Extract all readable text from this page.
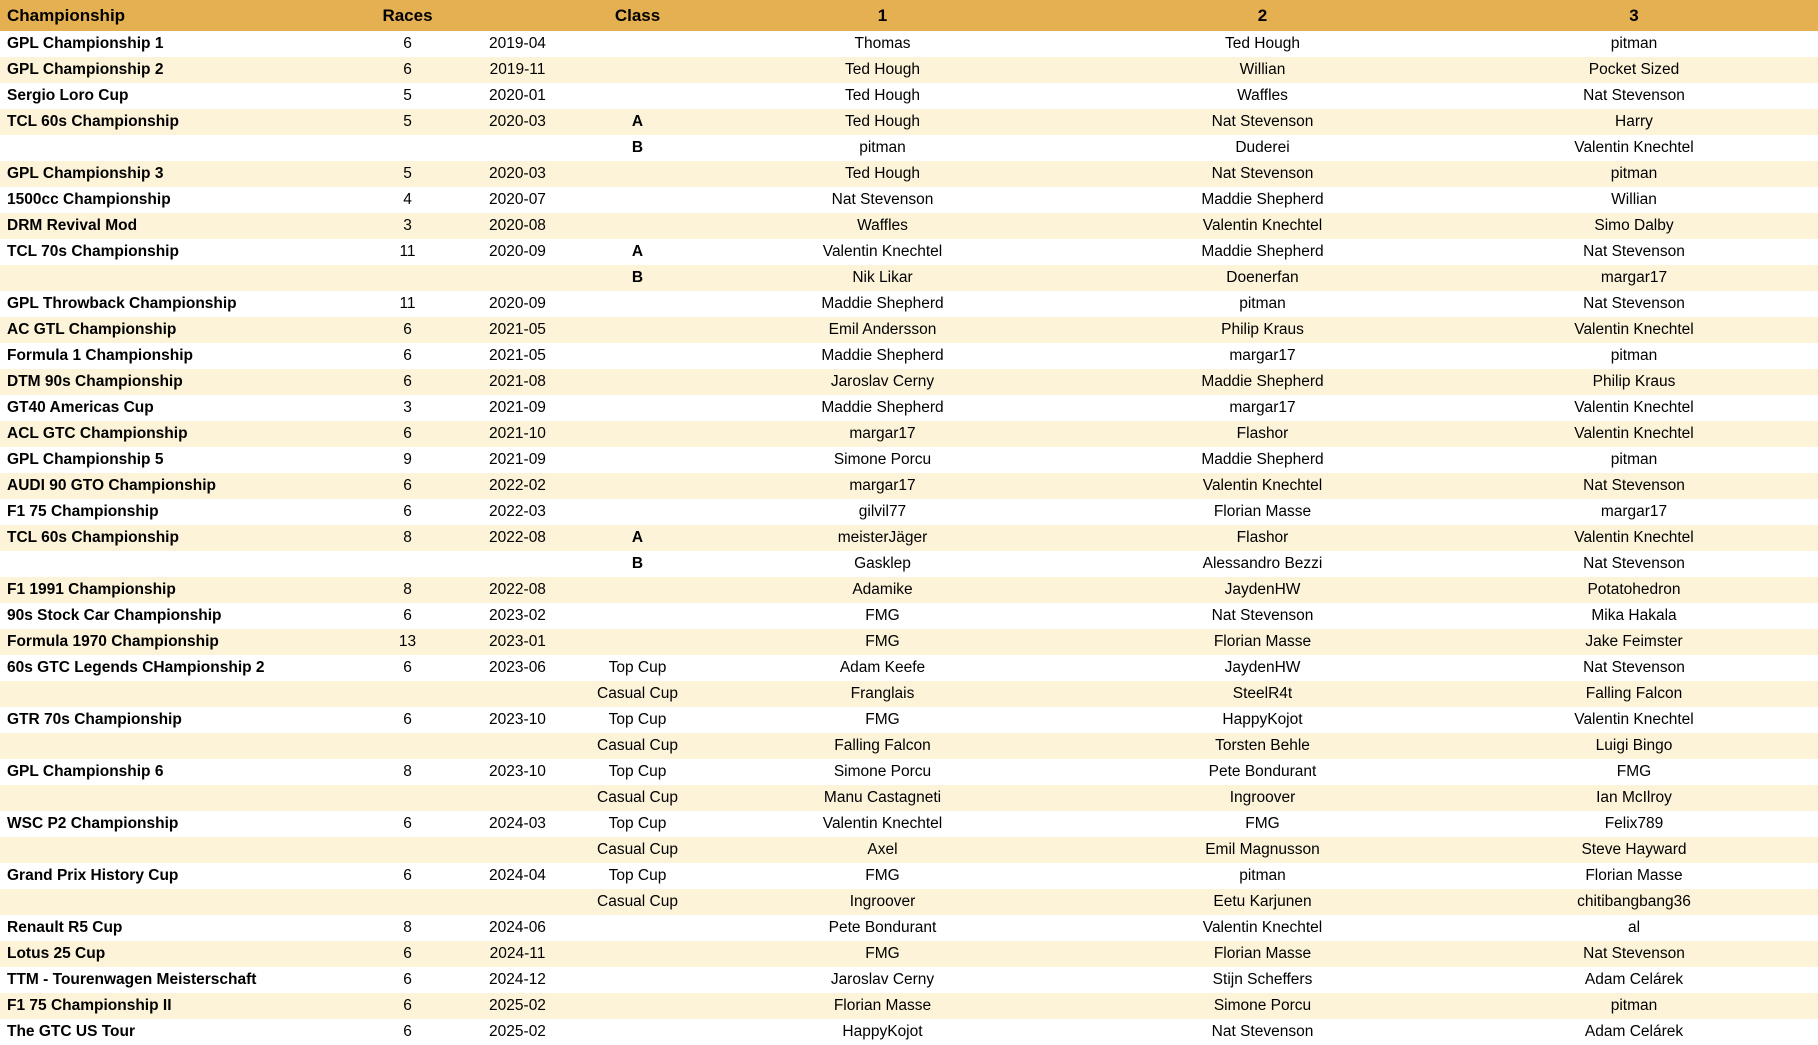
Championship	Races		Class	1	2	3
GPL Championship 1	6	2019-04		Thomas	Ted Hough	pitman
GPL Championship 2	6	2019-11		Ted Hough	Willian	Pocket Sized
Sergio Loro Cup	5	2020-01		Ted Hough	Waffles	Nat Stevenson
TCL 60s Championship	5	2020-03	A	Ted Hough	Nat Stevenson	Harry
			B	pitman	Duderei	Valentin Knechtel
GPL Championship 3	5	2020-03		Ted Hough	Nat Stevenson	pitman
1500cc Championship	4	2020-07		Nat Stevenson	Maddie Shepherd	Willian
DRM Revival Mod	3	2020-08		Waffles	Valentin Knechtel	Simo Dalby
TCL 70s Championship	11	2020-09	A	Valentin Knechtel	Maddie Shepherd	Nat Stevenson
			B	Nik Likar	Doenerfan	margar17
GPL Throwback Championship	11	2020-09		Maddie Shepherd	pitman	Nat Stevenson
AC GTL Championship	6	2021-05		Emil Andersson	Philip Kraus	Valentin Knechtel
Formula 1 Championship	6	2021-05		Maddie Shepherd	margar17	pitman
DTM 90s Championship	6	2021-08		Jaroslav Cerny	Maddie Shepherd	Philip Kraus
GT40 Americas Cup	3	2021-09		Maddie Shepherd	margar17	Valentin Knechtel
ACL GTC Championship	6	2021-10		margar17	Flashor	Valentin Knechtel
GPL Championship 5	9	2021-09		Simone Porcu	Maddie Shepherd	pitman
AUDI 90 GTO Championship	6	2022-02		margar17	Valentin Knechtel	Nat Stevenson
F1 75 Championship	6	2022-03		gilvil77	Florian Masse	margar17
TCL 60s Championship	8	2022-08	A	meisterJäger	Flashor	Valentin Knechtel
			B	Gasklep	Alessandro Bezzi	Nat Stevenson
F1 1991 Championship	8	2022-08		Adamike	JaydenHW	Potatohedron
90s Stock Car Championship	6	2023-02		FMG	Nat Stevenson	Mika Hakala
Formula 1970 Championship	13	2023-01		FMG	Florian Masse	Jake Feimster
60s GTC Legends CHampionship 2	6	2023-06	Top Cup	Adam Keefe	JaydenHW	Nat Stevenson
			Casual Cup	Franglais	SteelR4t	Falling Falcon
GTR 70s Championship	6	2023-10	Top Cup	FMG	HappyKojot	Valentin Knechtel
			Casual Cup	Falling Falcon	Torsten Behle	Luigi Bingo
GPL Championship 6	8	2023-10	Top Cup	Simone Porcu	Pete Bondurant	FMG
			Casual Cup	Manu Castagneti	Ingroover	Ian McIlroy
WSC P2 Championship	6	2024-03	Top Cup	Valentin Knechtel	FMG	Felix789
			Casual Cup	Axel	Emil Magnusson	Steve Hayward
Grand Prix History Cup	6	2024-04	Top Cup	FMG	pitman	Florian Masse
			Casual Cup	Ingroover	Eetu Karjunen	chitibangbang36
Renault R5 Cup	8	2024-06		Pete Bondurant	Valentin Knechtel	al
Lotus 25 Cup	6	2024-11		FMG	Florian Masse	Nat Stevenson
TTM - Tourenwagen Meisterschaft	6	2024-12		Jaroslav Cerny	Stijn Scheffers	Adam Celárek
F1 75 Championship II	6	2025-02		Florian Masse	Simone Porcu	pitman
The GTC US Tour	6	2025-02		HappyKojot	Nat Stevenson	Adam Celárek
